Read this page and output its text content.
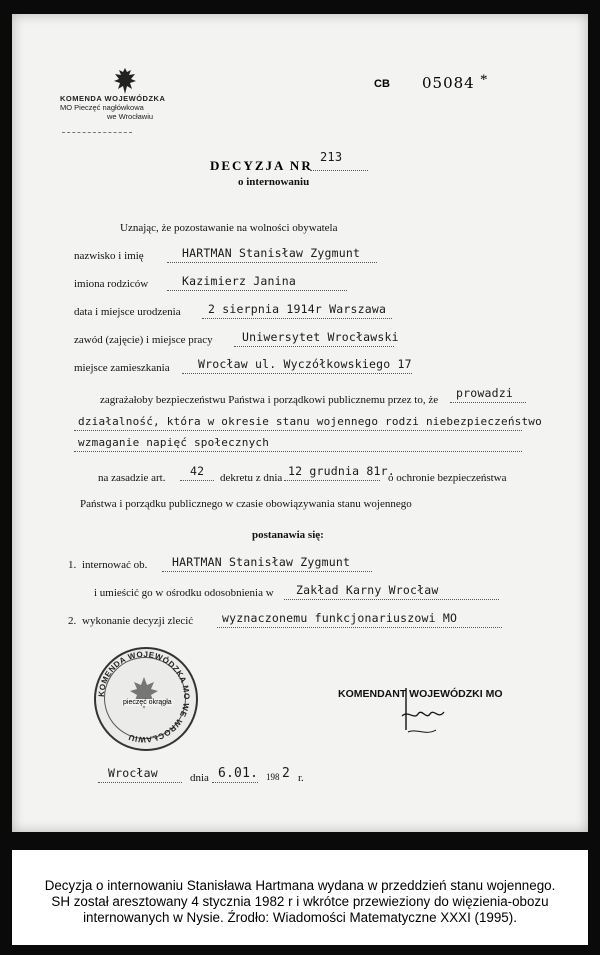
KOMENDA WOJEWÓDZKA
MO Pieczęć nagłówkowa
we Wrocławiu
CB 05084 *
DECYZJA NR
213
o internowaniu
Uznając, że pozostawanie na wolności obywatela
nazwisko i imię	HARTMAN Stanisław Zygmunt
imiona rodziców	Kazimierz Janina
data i miejsce urodzenia 2 sierpnia 1914r Warszawa
zawód (zajęcie) i miejsce pracy	Uniwersytet Wrocławski
miejsce zamieszkania Wrocław ul. Wyczółkowskiego 17
zagrażałoby bezpieczeństwu Państwa i porządkowi publicznemu przez to, że prowadzi
działalność, która w okresie stanu wojennego rodzi niebezpieczeństwo
wzmaganie napięć społecznych
na zasadzie art. 42 dekretu z dnia 12 grudnia 81r.
o ochronie bezpieczeństwa
Państwa i porządku publicznego w czasie obowiązywania stanu wojennego
postanawia się:
1. internować ob. HARTMAN Stanisław Zygmunt
i umieścić go w ośrodku odosobnienia w Zakład Karny Wrocław
2. wykonanie decyzji zlecić	wyznaczonemu funkcjonariuszowi MO
KOMENDA WOJEWÓDZKA MO WE WROCŁAWIU
pieczęć okrągła
KOMENDANT WOJEWÓDZKI MO
Wrocław	dnia 6.01. 198 2 r.
Decyzja o internowaniu Stanisława Hartmana wydana w przeddzień stanu wojennego.
SH został aresztowany 4 stycznia 1982 r i wkrótce przewieziony do więzienia-obozu
internowanych w Nysie. Źrodło: Wiadomości Matematyczne XXXI (1995).
